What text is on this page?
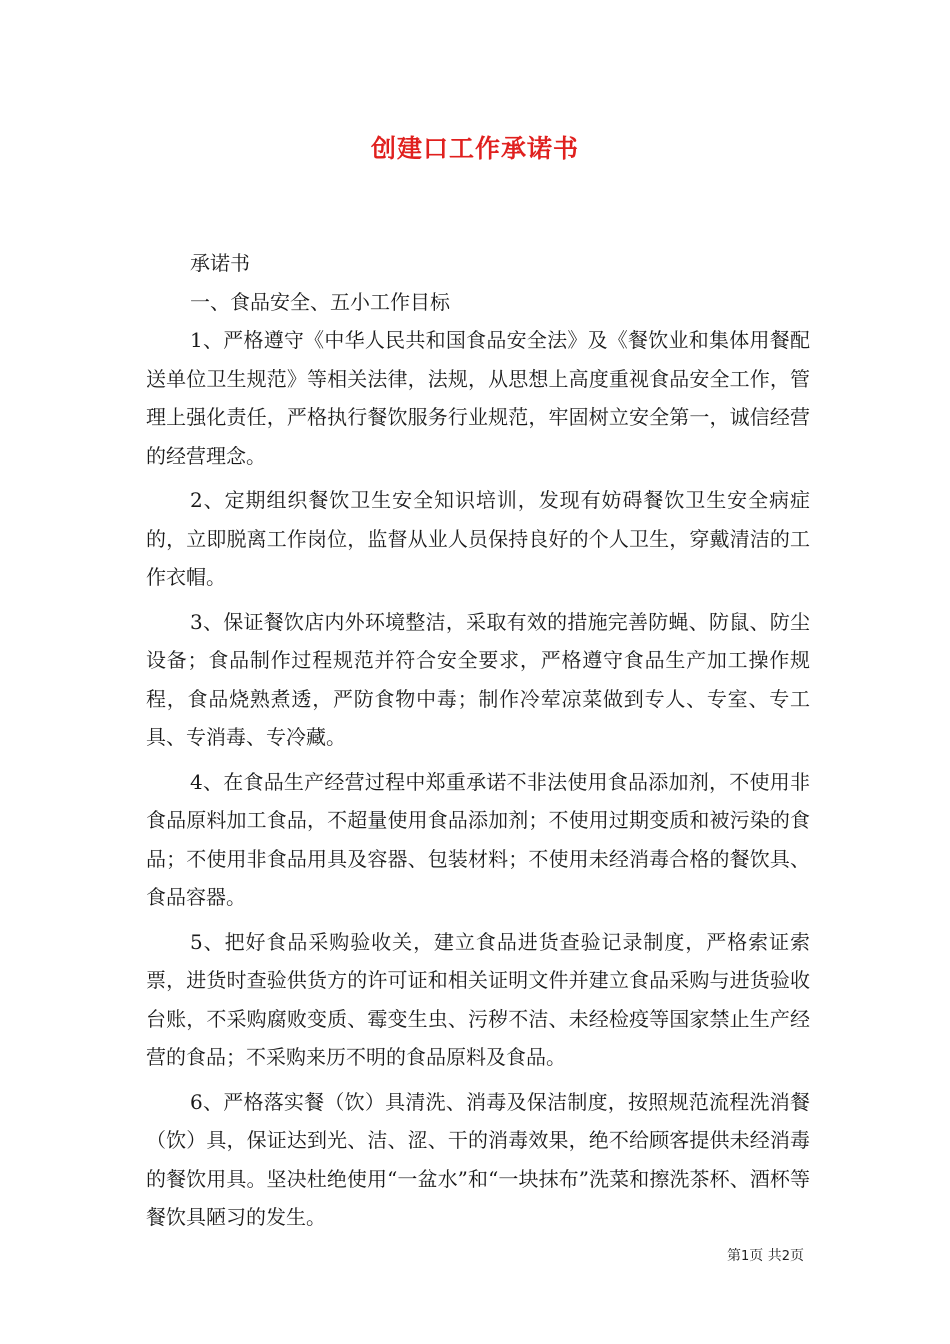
创建口工作承诺书
承诺书
一、食品安全、五小工作目标

1、严格遵守《中华人民共和国食品安全法》及《餐饮业和集体用餐配送单位卫生规范》等相关法律，法规，从思想上高度重视食品安全工作，管理上强化责任，严格执行餐饮服务行业规范，牢固树立安全第一，诚信经营的经营理念。

2、定期组织餐饮卫生安全知识培训，发现有妨碍餐饮卫生安全病症的，立即脱离工作岗位，监督从业人员保持良好的个人卫生，穿戴清洁的工作衣帽。

3、保证餐饮店内外环境整洁，采取有效的措施完善防蝇、防鼠、防尘设备；食品制作过程规范并符合安全要求，严格遵守食品生产加工操作规程，食品烧熟煮透，严防食物中毒；制作冷荤凉菜做到专人、专室、专工具、专消毒、专冷藏。

4、在食品生产经营过程中郑重承诺不非法使用食品添加剂，不使用非食品原料加工食品，不超量使用食品添加剂；不使用过期变质和被污染的食品；不使用非食品用具及容器、包装材料；不使用未经消毒合格的餐饮具、食品容器。

5、把好食品采购验收关，建立食品进货查验记录制度，严格索证索票，进货时查验供货方的许可证和相关证明文件并建立食品采购与进货验收台账，不采购腐败变质、霉变生虫、污秽不洁、未经检疫等国家禁止生产经营的食品；不采购来历不明的食品原料及食品。

6、严格落实餐（饮）具清洗、消毒及保洁制度，按照规范流程洗消餐（饮）具，保证达到光、洁、涩、干的消毒效果，绝不给顾客提供未经消毒的餐饮用具。坚决杜绝使用“一盆水”和“一块抹布”洗菜和擦洗茶杯、酒杯等餐饮具陋习的发生。

第1页 共2页
